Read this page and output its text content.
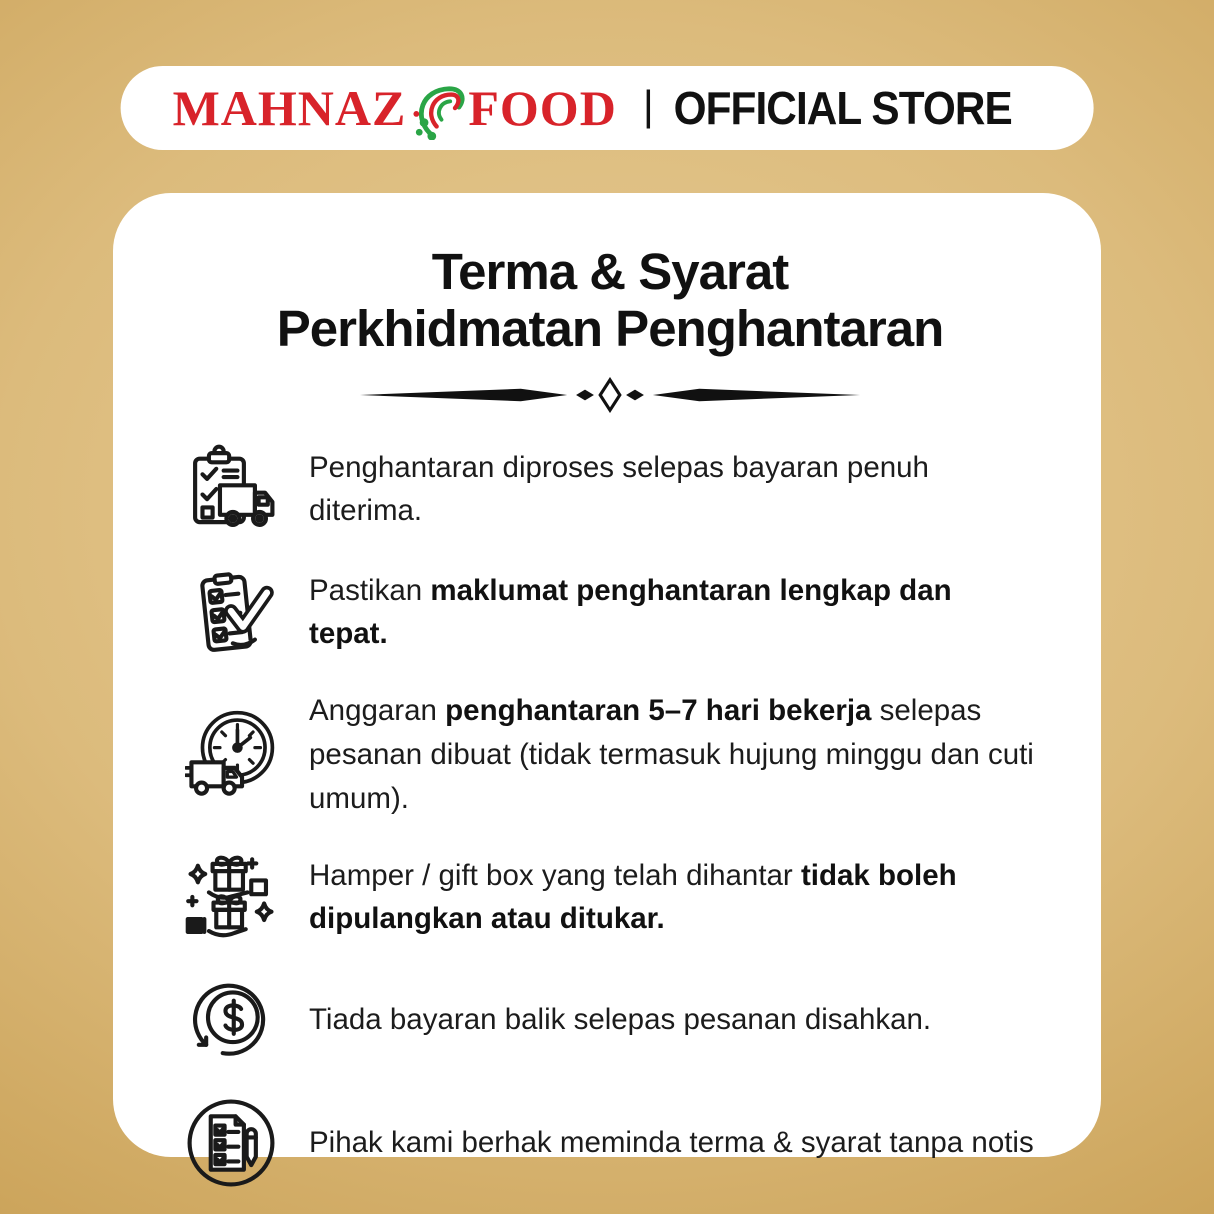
MAHNAZ FOOD | OFFICIAL STORE
Terma & Syarat
Perkhidmatan Penghantaran

Penghantaran diproses selepas bayaran penuh diterima.

Pastikan maklumat penghantaran lengkap dan tepat.

Anggaran penghantaran 5–7 hari bekerja selepas pesanan dibuat (tidak termasuk hujung minggu dan cuti umum).

Hamper / gift box yang telah dihantar tidak boleh dipulangkan atau ditukar.

Tiada bayaran balik selepas pesanan disahkan.

Pihak kami berhak meminda terma & syarat tanpa notis
